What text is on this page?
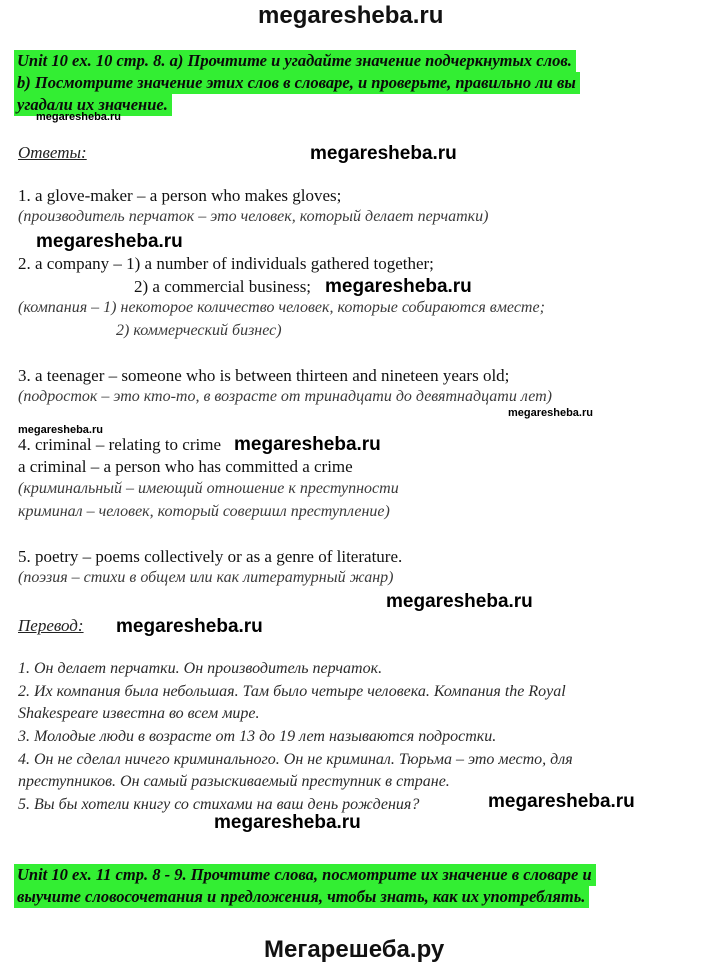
megaresheba.ru
Unit 10 ex. 10 стр. 8. a) Прочтите и угадайте значение подчеркнутых слов.
b) Посмотрите значение этих слов в словаре, и проверьте, правильно ли вы
угадали их значение.
megaresheba.ru
Ответы:	megaresheba.ru
1. a glove-maker – a person who makes gloves;
(производитель перчаток – это человек, который делает перчатки)
megaresheba.ru
2. a company – 1) a number of individuals gathered together;
2) a commercial business; megaresheba.ru
(компания – 1) некоторое количество человек, которые собираются вместе;
2) коммерческий бизнес)
3. a teenager – someone who is between thirteen and nineteen years old;
(подросток – это кто-то, в возрасте от тринадцати до девятнадцати лет)
megaresheba.ru
megaresheba.ru
4. criminal – relating to crime megaresheba.ru
a criminal – a person who has committed a crime
(криминальный – имеющий отношение к преступности
криминал – человек, который совершил преступление)
5. poetry – poems collectively or as a genre of literature.
(поэзия – стихи в общем или как литературный жанр)
megaresheba.ru
Перевод: megaresheba.ru
1. Он делает перчатки. Он производитель перчаток.
2. Их компания была небольшая. Там было четыре человека. Компания the Royal
Shakespeare известна во всем мире.
3. Молодые люди в возрасте от 13 до 19 лет называются подростки.
4. Он не сделал ничего криминального. Он не криминал. Тюрьма – это место, для
преступников. Он самый разыскиваемый преступник в стране.
5. Вы бы хотели книгу со стихами на ваш день рождения?	megaresheba.ru
megaresheba.ru
Unit 10 ex. 11 стр. 8 - 9. Прочтите слова, посмотрите их значение в словаре и
выучите словосочетания и предложения, чтобы знать, как их употреблять.
Мегарешеба.ру
